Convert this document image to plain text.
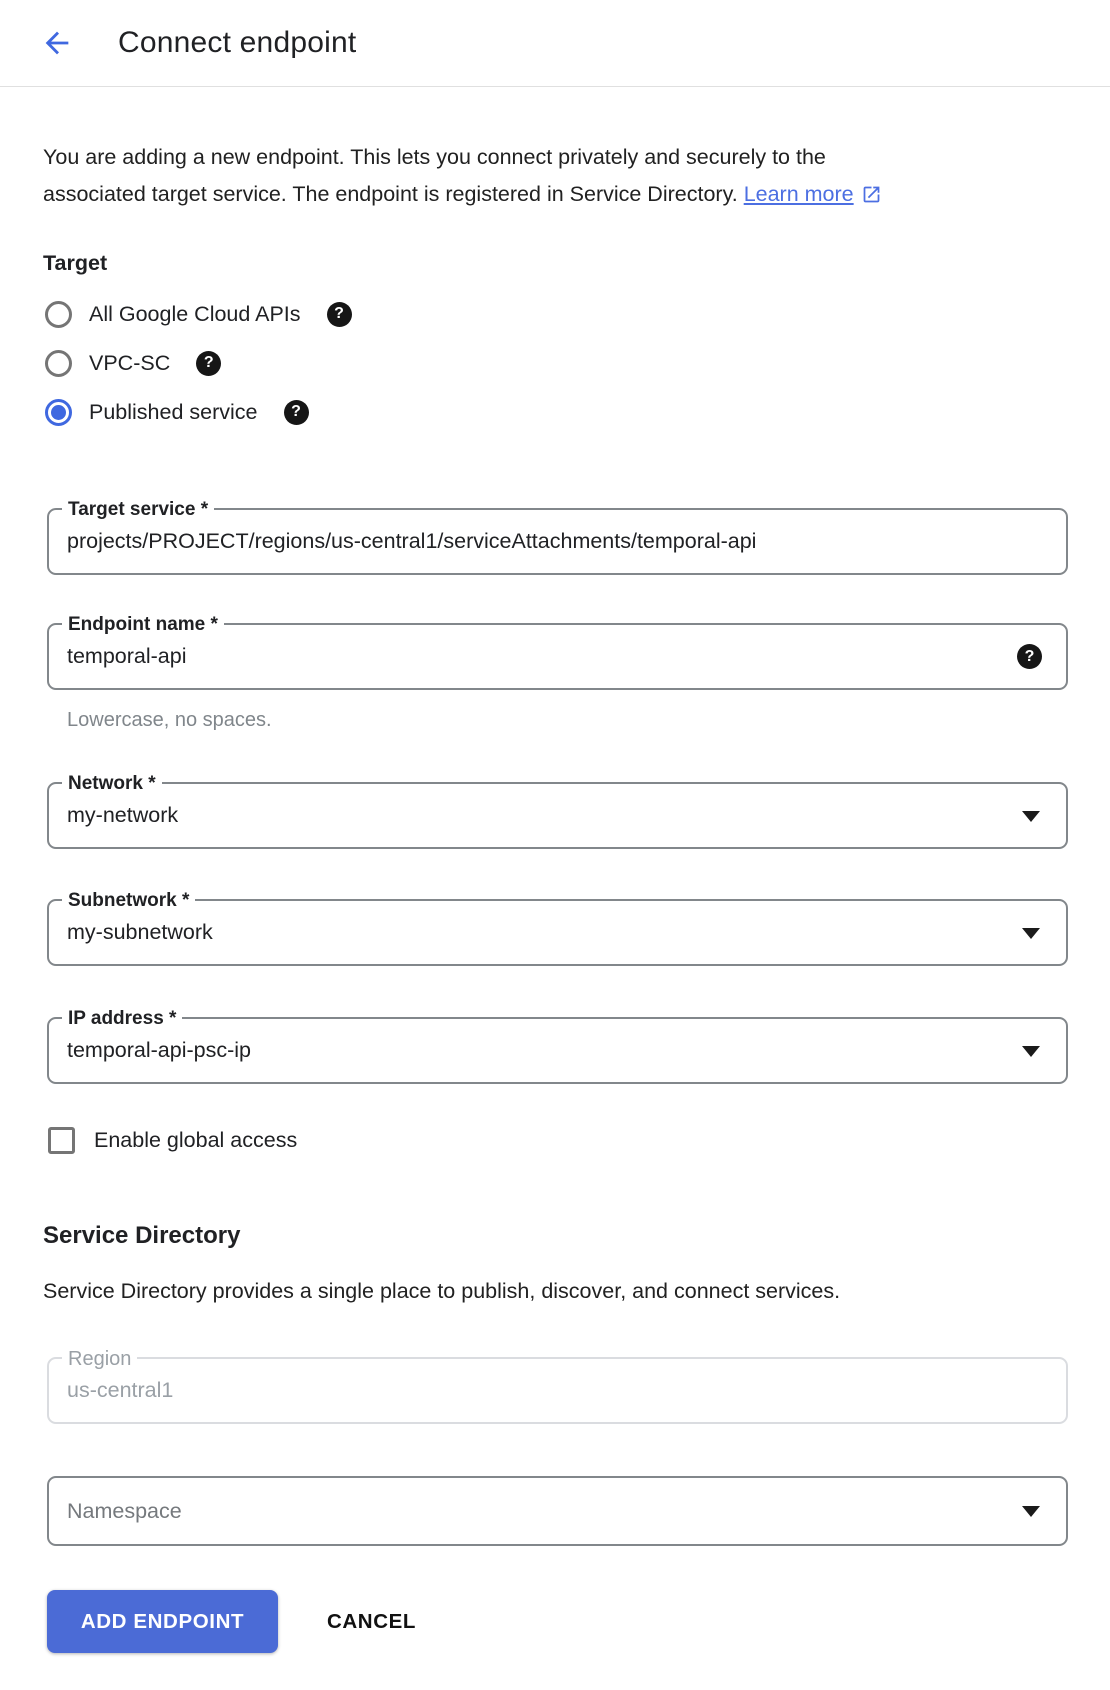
Connect endpoint
You are adding a new endpoint. This lets you connect privately and securely to the
associated target service. The endpoint is registered in Service Directory. Learn more
Target
All Google Cloud APIs	?
VPC-SC	?
Published service	?
Target service *
projects/PROJECT/regions/us-central1/serviceAttachments/temporal-api
Endpoint name *
temporal-api	?
Lowercase, no spaces.
Network *
my-network
Subnetwork *
my-subnetwork
IP address *
temporal-api-psc-ip
Enable global access
Service Directory
Service Directory provides a single place to publish, discover, and connect services.
Region
us-central1
Namespace
ADD ENDPOINT	CANCEL
